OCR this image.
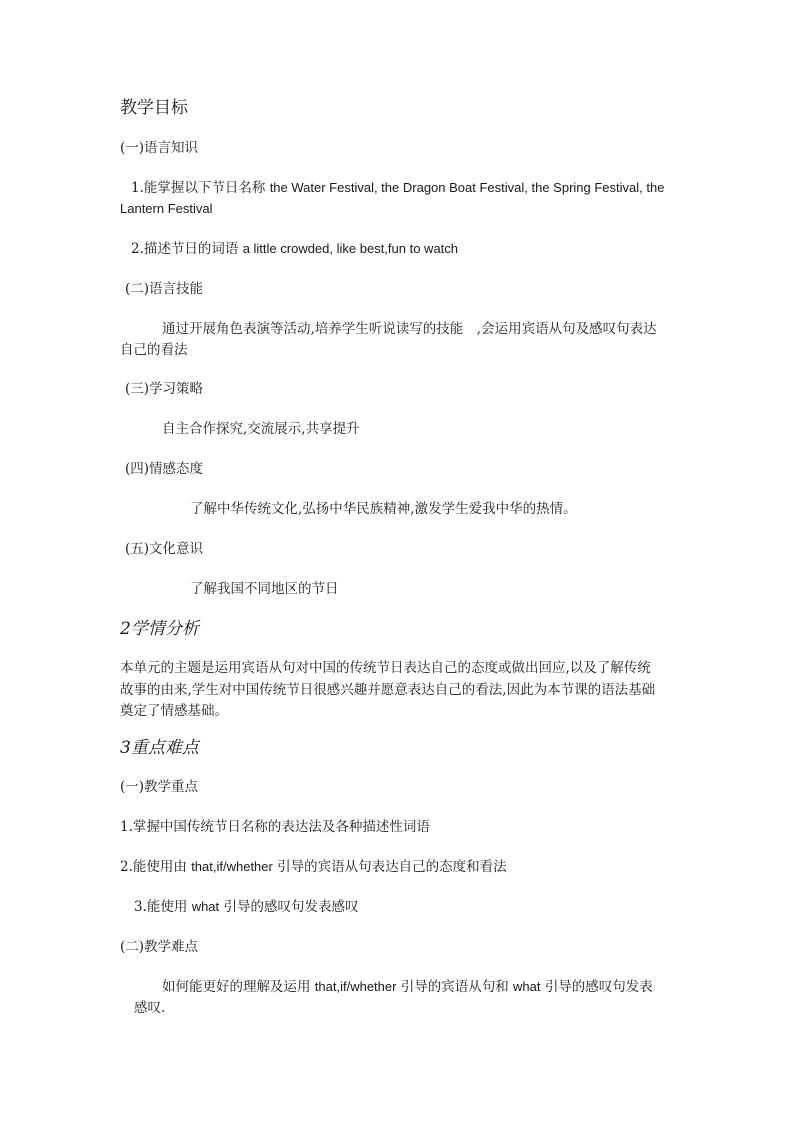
教学目标
(一)语言知识
1.能掌握以下节日名称 the Water Festival, the Dragon Boat Festival, the Spring Festival, the
Lantern Festival
2.描述节日的词语 a little crowded, like best,fun to watch
(二)语言技能
通过开展角色表演等活动,培养学生听说读写的技能　,会运用宾语从句及感叹句表达
自己的看法
(三)学习策略
自主合作探究,交流展示,共享提升
(四)情感态度
了解中华传统文化,弘扬中华民族精神,激发学生爱我中华的热情。
(五)文化意识
了解我国不同地区的节日
2学情分析
本单元的主题是运用宾语从句对中国的传统节日表达自己的态度或做出回应,以及了解传统
故事的由来,学生对中国传统节日很感兴趣并愿意表达自己的看法,因此为本节课的语法基础
奠定了情感基础。
3重点难点
(一)教学重点
1.掌握中国传统节日名称的表达法及各种描述性词语
2.能使用由 that,if/whether 引导的宾语从句表达自己的态度和看法
3.能使用 what 引导的感叹句发表感叹
(二)教学难点
如何能更好的理解及运用 that,if/whether 引导的宾语从句和 what 引导的感叹句发表
感叹.
